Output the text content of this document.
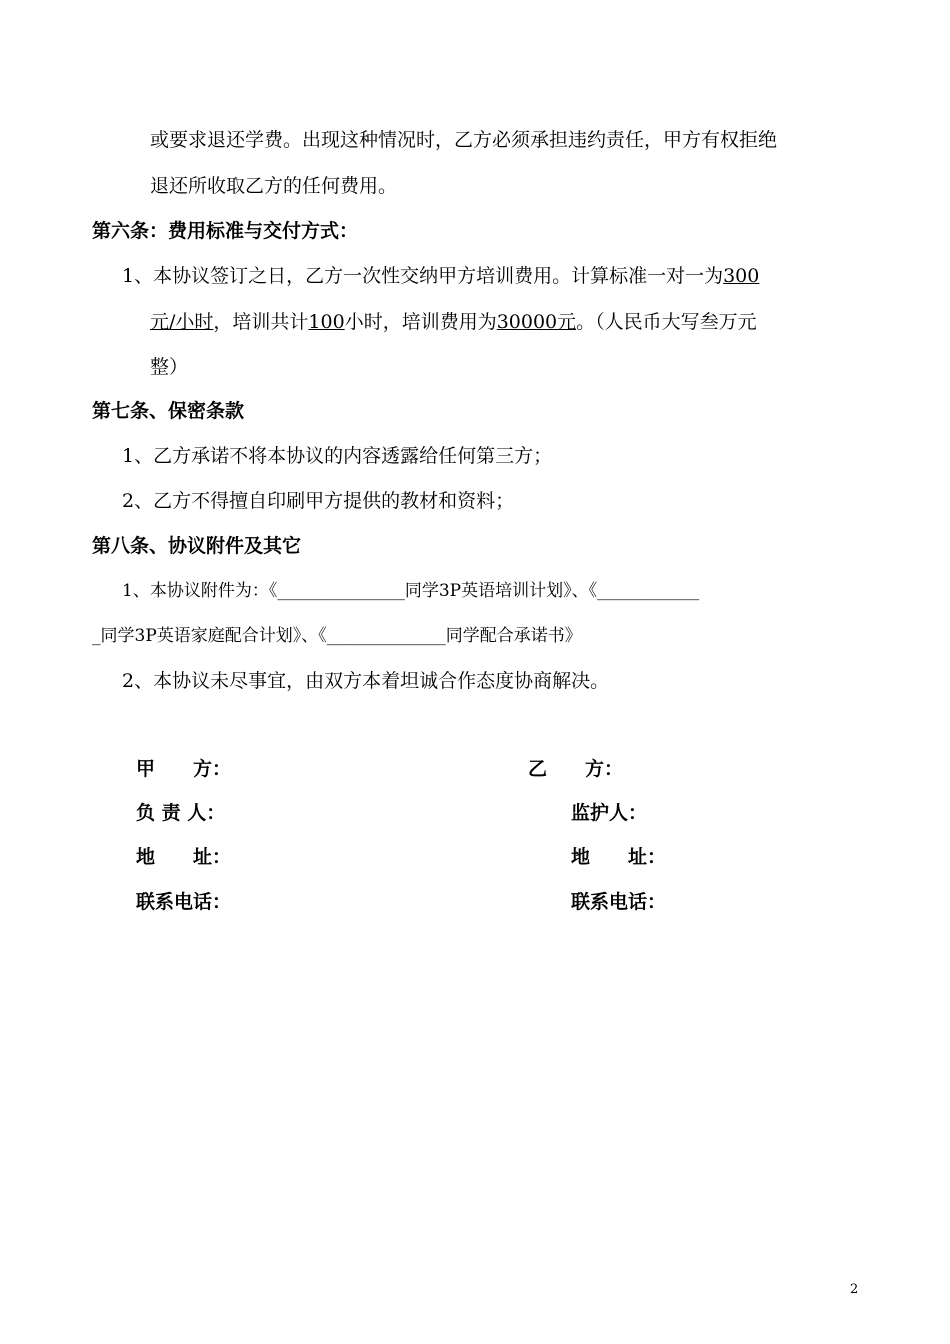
或要求退还学费。出现这种情况时，乙方必须承担违约责任，甲方有权拒绝
退还所收取乙方的任何费用。
第六条：费用标准与交付方式：
1、本协议签订之日，乙方一次性交纳甲方培训费用。计算标准一对一为300
元/小时，培训共计100小时，培训费用为30000元。（人民币大写叁万元
整）
第七条、保密条款
1、乙方承诺不将本协议的内容透露给任何第三方；
2、乙方不得擅自印刷甲方提供的教材和资料；
第八条、协议附件及其它
1、本协议附件为：《_______________同学3P英语培训计划》、《____________
_同学3P英语家庭配合计划》、《______________同学配合承诺书》
2、本协议未尽事宜，由双方本着坦诚合作态度协商解决。
甲　　方：	乙　　方：
负 责 人：	监护人：
地　　址：	地　　址：
联系电话：	联系电话：
2
